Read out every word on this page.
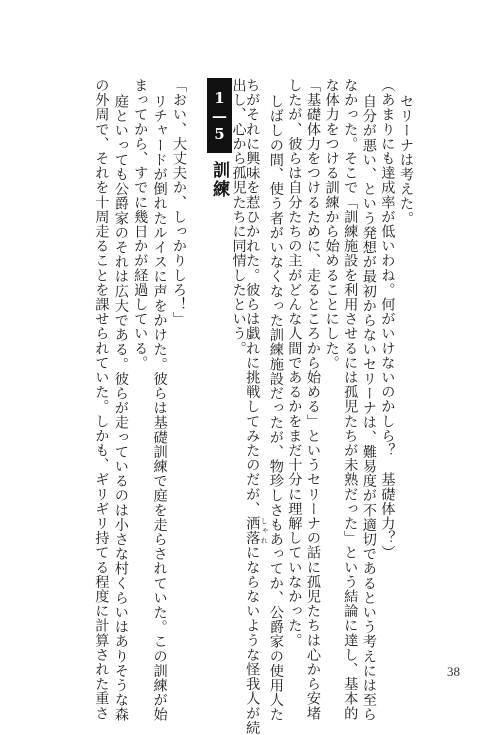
セリーナは考えた。
（あまりにも達成率が低いわね。何がいけないのかしら？　基礎体力？）
自分が悪い、という発想が最初からないセリーナは、難易度が不適切であるという考えには至ら
なかった。そこで「訓練施設を利用させるには孤児たちが未熟だった」という結論に達し、基本的
な体力をつける訓練から始めることにした。
「基礎体力をつけるために、走るところから始める」というセリーナの話に孤児たちは心から安堵
したが、彼らは自分たちの主がどんな人間であるかをまだ十分に理解していなかった。
しばしの間、使う者がいなくなった訓練施設だったが、物珍しさもあってか、公爵家の使用人た
ちがそれに興味を惹ひかれた。彼らは戯れに挑戦してみたのだが、洒落 しゃれにならないような怪我人が続
1—5
訓練
「おい、大丈夫か、しっかりしろ！」
リチャードが倒れたルイスに声をかけた。彼らは基礎訓練で庭を走らされていた。この訓練が始
まってから、すでに幾日かが経過している。
庭といっても公爵家のそれは広大である。彼らが走っているのは小さな村くらいはありそうな森
の外周で、それを十周走ることを課せられていた。しかも、ギリギリ持てる程度に計算された重さ	38
出し、心から孤児たちに同情したという。
